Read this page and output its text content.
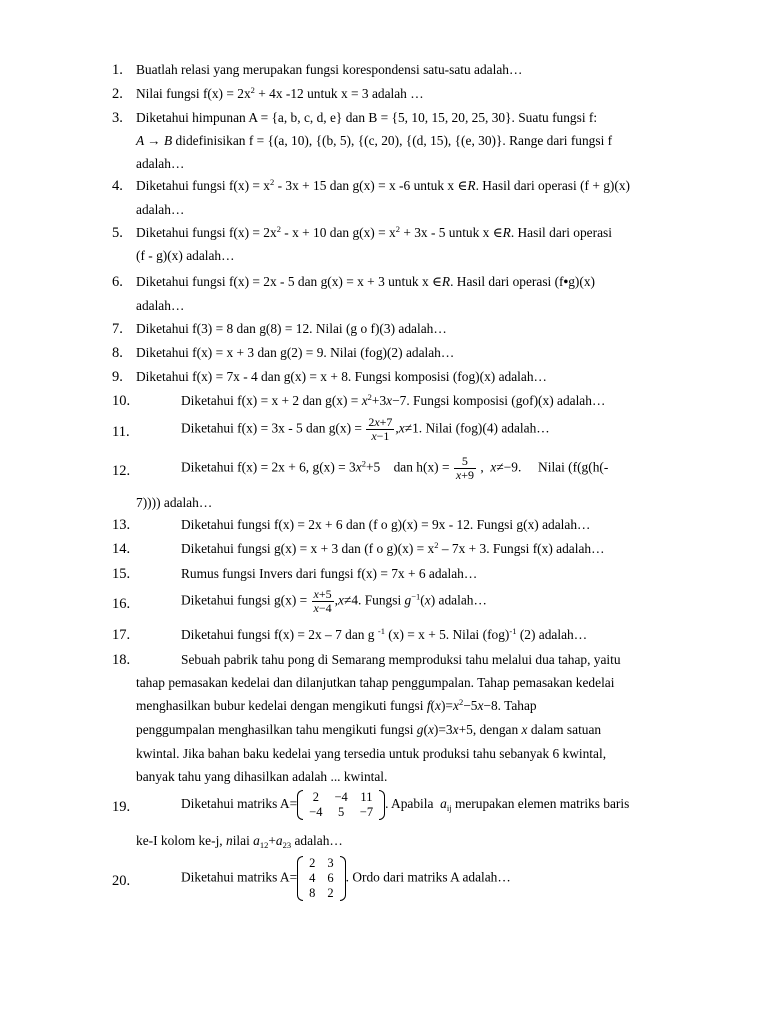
1. Buatlah relasi yang merupakan fungsi korespondensi satu-satu adalah…
2. Nilai fungsi $f(x) = 2x^2 + 4x$ -12 untuk x = 3 adalah …
3. Diketahui himpunan A = {a, b, c, d, e} dan B = {5, 10, 15, 20, 25, 30}. Suatu fungsi f:
A → B didefinisikan f = {(a, 10), {(b, 5), {(c, 20), {(d, 15), {(e, 30)}. Range dari fungsi f
adalah…
4. Diketahui fungsi $f(x) = x^2 - 3x + 15$ dan g(x) = x -6 untuk x ∈R. Hasil dari operasi (f + g)(x)
adalah…
5. Diketahui fungsi $f(x) = 2x^2 - x + 10$ dan $g(x) = x^2 + 3x - 5$ untuk x ∈R. Hasil dari operasi
(f - g)(x) adalah…
6. Diketahui fungsi f(x) = 2x - 5 dan g(x) = x + 3 untuk x ∈R. Hasil dari operasi (f•g)(x)
adalah…
7. Diketahui f(3) = 8 dan g(8) = 12. Nilai (g o f)(3) adalah…
8. Diketahui f(x) = x + 3 dan g(2) = 9. Nilai (fog)(2) adalah…
9. Diketahui f(x) = 7x - 4 dan g(x) = x + 8. Fungsi komposisi (fog)(x) adalah…
10.	Diketahui f(x) = x + 2 dan $g(x) = x^2+3x-7$. Fungsi komposisi (gof)(x) adalah…
11.	Diketahui f(x) = 3x - 5 dan $g(x) = \frac{2x+7}{x-1} ,x\ne 1$. Nilai (fog)(4) adalah…
12.	Diketahui f(x) = 2x + 6, $g(x) = 3x^2+5$ dan $h(x) = \frac{5}{x+9}$ ,  x≠−9. Nilai (f(g(h(-
7)))) adalah…
13.	Diketahui fungsi f(x) = 2x + 6 dan (f o g)(x) = 9x - 12. Fungsi g(x) adalah…
14.	Diketahui fungsi g(x) = x + 3 dan (f o $g)(x) = x^2 - 7x + 3$. Fungsi f(x) adalah…
15.	Rumus fungsi Invers dari fungsi f(x) = 7x + 6 adalah…
16.	Diketahui fungsi $g(x) = \frac{x+5}{x-4} ,x\ne 4$. Fungsi $g^{-1}(x)$ adalah…
17.	Diketahui fungsi f(x) = 2x – 7 dan g $^{-1}$ (x) = x + 5. Nilai (fog)$^{-1}$ (2) adalah…
18.	Sebuah pabrik tahu pong di Semarang memproduksi tahu melalui dua tahap, yaitu
tahap pemasakan kedelai dan dilanjutkan tahap penggumpalan. Tahap pemasakan kedelai
menghasilkan bubur kedelai dengan mengikuti fungsi $f(x)=x^2-5x-8$. Tahap
penggumpalan menghasilkan tahu mengikuti fungsi g(x)=3x+5, dengan x dalam satuan
kwintal. Jika bahan baku kedelai yang tersedia untuk produksi tahu sebanyak 6 kwintal,
banyak tahu yang dihasilkan adalah ... kwintal.
19.	Diketahui matriks A= 2	−4	11
−4	5	−7
. Apabila  $a_{ij}$ merupakan elemen matriks baris
ke-I kolom ke-j, nilai $a_{12}+a_{23}$ adalah…
20.	Diketahui matriks A=
2	3
4	6
8	2
. Ordo dari matriks A adalah…
